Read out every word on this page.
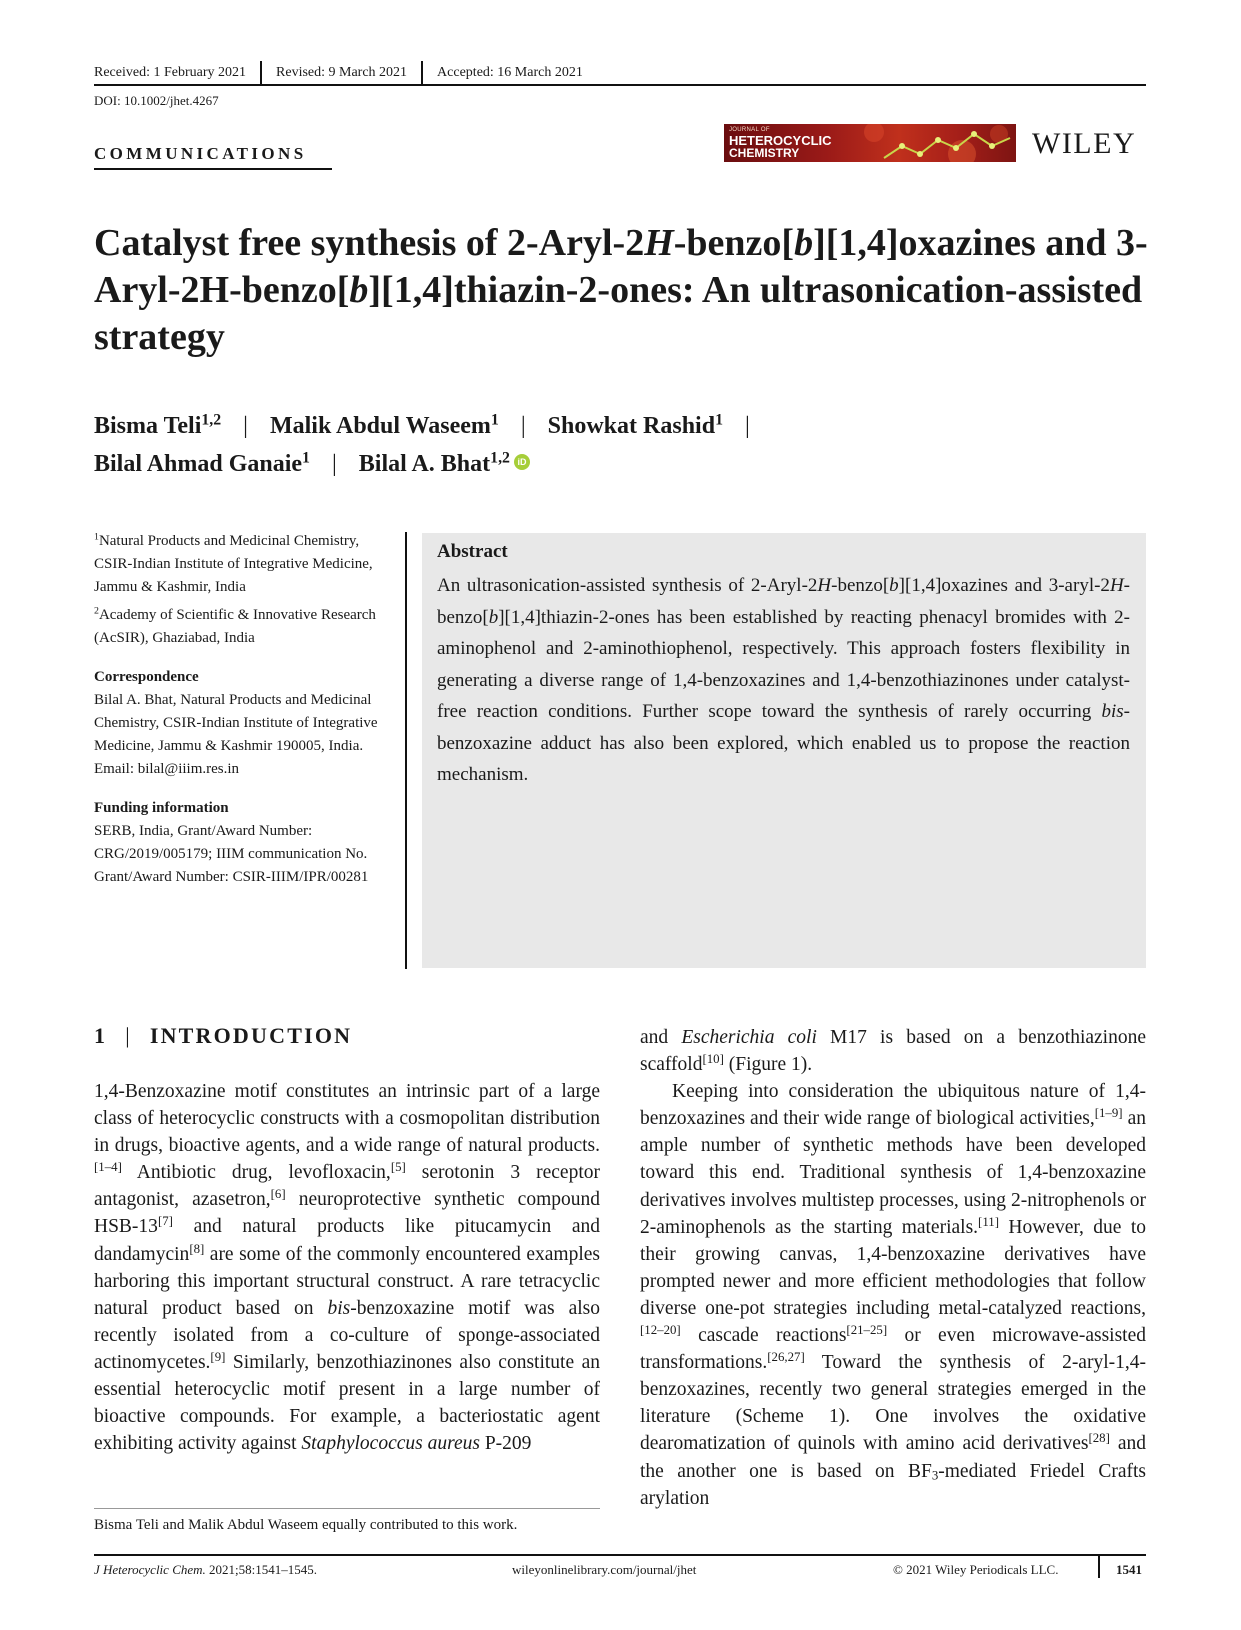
Received: 1 February 2021 Revised: 9 March 2021 Accepted: 16 March 2021
DOI: 10.1002/jhet.4267
COMMUNICATIONS
JOURNAL OF
HETEROCYCLIC
CHEMISTRY	WILEY
Catalyst free synthesis of 2-Aryl-2H-benzo[b][1,4]oxazines and 3-Aryl-2H-benzo[b][1,4]thiazin-2-ones: An ultrasonication-assisted strategy
Bisma Teli$^{1,2}$ | Malik Abdul Waseem$^1$ | Showkat Rashid$^1$ |
Bilal Ahmad Ganaie$^1$ | Bilal A. Bhat$^{1,2}$ iD

$^1$Natural Products and Medicinal Chemistry, CSIR-Indian Institute of Integrative Medicine, Jammu & Kashmir, India

$^2$Academy of Scientific & Innovative Research (AcSIR), Ghaziabad, India

Correspondence

Bilal A. Bhat, Natural Products and Medicinal Chemistry, CSIR-Indian Institute of Integrative Medicine, Jammu & Kashmir 190005, India.

Email: bilal@iiim.res.in

Funding information

SERB, India, Grant/Award Number: CRG/2019/005179; IIIM communication No. Grant/Award Number: CSIR-IIIM/IPR/00281

Abstract
An ultrasonication-assisted synthesis of 2-Aryl-2H-benzo[b][1,4]oxazines and 3-aryl-2H-benzo[b][1,4]thiazin-2-ones has been established by reacting phenacyl bromides with 2-aminophenol and 2-aminothiophenol, respectively. This approach fosters flexibility in generating a diverse range of 1,4-benzoxazines and 1,4-benzothiazinones under catalyst-free reaction conditions. Further scope toward the synthesis of rarely occurring bis-benzoxazine adduct has also been explored, which enabled us to propose the reaction mechanism.
1 | INTRODUCTION

1,4-Benzoxazine motif constitutes an intrinsic part of a large class of heterocyclic constructs with a cosmopolitan distribution in drugs, bioactive agents, and a wide range of natural products.[1–4] Antibiotic drug, levofloxacin,[5] serotonin 3 receptor antagonist, azasetron,[6] neuroprotective synthetic compound HSB-13[7] and natural products like pitucamycin and dandamycin[8] are some of the commonly encountered examples harboring this important structural construct. A rare tetracyclic natural product based on bis-benzoxazine motif was also recently isolated from a co-culture of sponge-associated actinomycetes.[9] Similarly, benzothiazinones also constitute an essential heterocyclic motif present in a large number of bioactive compounds. For example, a bacteriostatic agent exhibiting activity against Staphylococcus aureus P-209

and Escherichia coli M17 is based on a benzothiazinone scaffold[10] (Figure 1).

Keeping into consideration the ubiquitous nature of 1,4-benzoxazines and their wide range of biological activities,[1–9] an ample number of synthetic methods have been developed toward this end. Traditional synthesis of 1,4-benzoxazine derivatives involves multistep processes, using 2-nitrophenols or 2-aminophenols as the starting materials.[11] However, due to their growing canvas, 1,4-benzoxazine derivatives have prompted newer and more efficient methodologies that follow diverse one-pot strategies including metal-catalyzed reactions,[12–20] cascade reactions[21–25] or even microwave-assisted transformations.[26,27] Toward the synthesis of 2-aryl-1,4-benzoxazines, recently two general strategies emerged in the literature (Scheme 1). One involves the oxidative dearomatization of quinols with amino acid derivatives[28] and the another one is based on $BF_3$-mediated Friedel Crafts arylation

Bisma Teli and Malik Abdul Waseem equally contributed to this work.
J Heterocyclic Chem. 2021;58:1541–1545.	wileyonlinelibrary.com/journal/jhet	© 2021 Wiley Periodicals LLC.	1541
